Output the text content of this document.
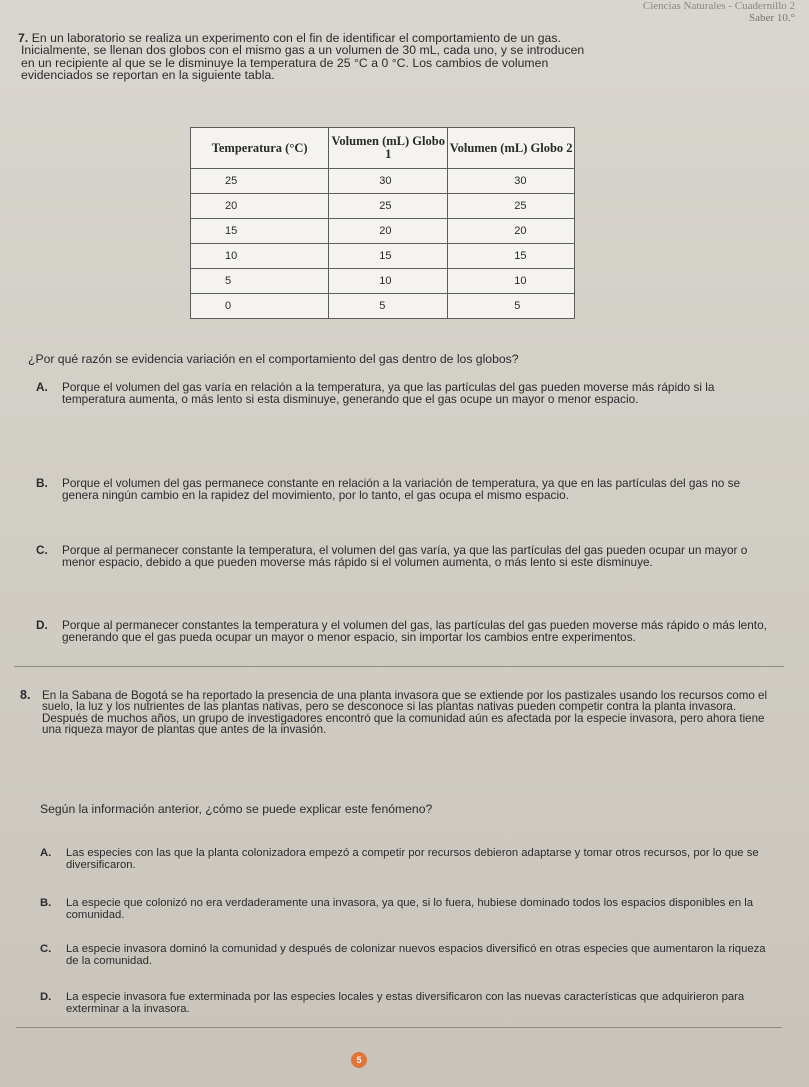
Ciencias Naturales - Cuadernillo 2
Saber 10.°
7. En un laboratorio se realiza un experimento con el fin de identificar el comportamiento de un gas.
Inicialmente, se llenan dos globos con el mismo gas a un volumen de 30 mL, cada uno, y se introducen
en un recipiente al que se le disminuye la temperatura de 25 °C a 0 °C. Los cambios de volumen
evidenciados se reportan en la siguiente tabla.
Temperatura (°C)	Volumen (mL) Globo 1	Volumen (mL) Globo 2
25	30	30
20	25	25
15	20	20
10	15	15
5	10	10
0	5	5
¿Por qué razón se evidencia variación en el comportamiento del gas dentro de los globos?
A. Porque el volumen del gas varía en relación a la temperatura, ya que las partículas del gas pueden moverse más rápido si la temperatura aumenta, o más lento si esta disminuye, generando que el gas ocupe un mayor o menor espacio.
B. Porque el volumen del gas permanece constante en relación a la variación de temperatura, ya que en las partículas del gas no se genera ningún cambio en la rapidez del movimiento, por lo tanto, el gas ocupa el mismo espacio.
C. Porque al permanecer constante la temperatura, el volumen del gas varía, ya que las partículas del gas pueden ocupar un mayor o menor espacio, debido a que pueden moverse más rápido si el volumen aumenta, o más lento si este disminuye.
D. Porque al permanecer constantes la temperatura y el volumen del gas, las partículas del gas pueden moverse más rápido o más lento, generando que el gas pueda ocupar un mayor o menor espacio, sin importar los cambios entre experimentos.
8. En la Sabana de Bogotá se ha reportado la presencia de una planta invasora que se extiende por los pastizales usando los recursos como el suelo, la luz y los nutrientes de las plantas nativas, pero se desconoce si las plantas nativas pueden competir contra la planta invasora. Después de muchos años, un grupo de investigadores encontró que la comunidad aún es afectada por la especie invasora, pero ahora tiene una riqueza mayor de plantas que antes de la invasión.
Según la información anterior, ¿cómo se puede explicar este fenómeno?
A. Las especies con las que la planta colonizadora empezó a competir por recursos debieron adaptarse y tomar otros recursos, por lo que se diversificaron.
B. La especie que colonizó no era verdaderamente una invasora, ya que, si lo fuera, hubiese dominado todos los espacios disponibles en la comunidad.
C. La especie invasora dominó la comunidad y después de colonizar nuevos espacios diversificó en otras especies que aumentaron la riqueza de la comunidad.
D. La especie invasora fue exterminada por las especies locales y estas diversificaron con las nuevas características que adquirieron para exterminar a la invasora.
5
